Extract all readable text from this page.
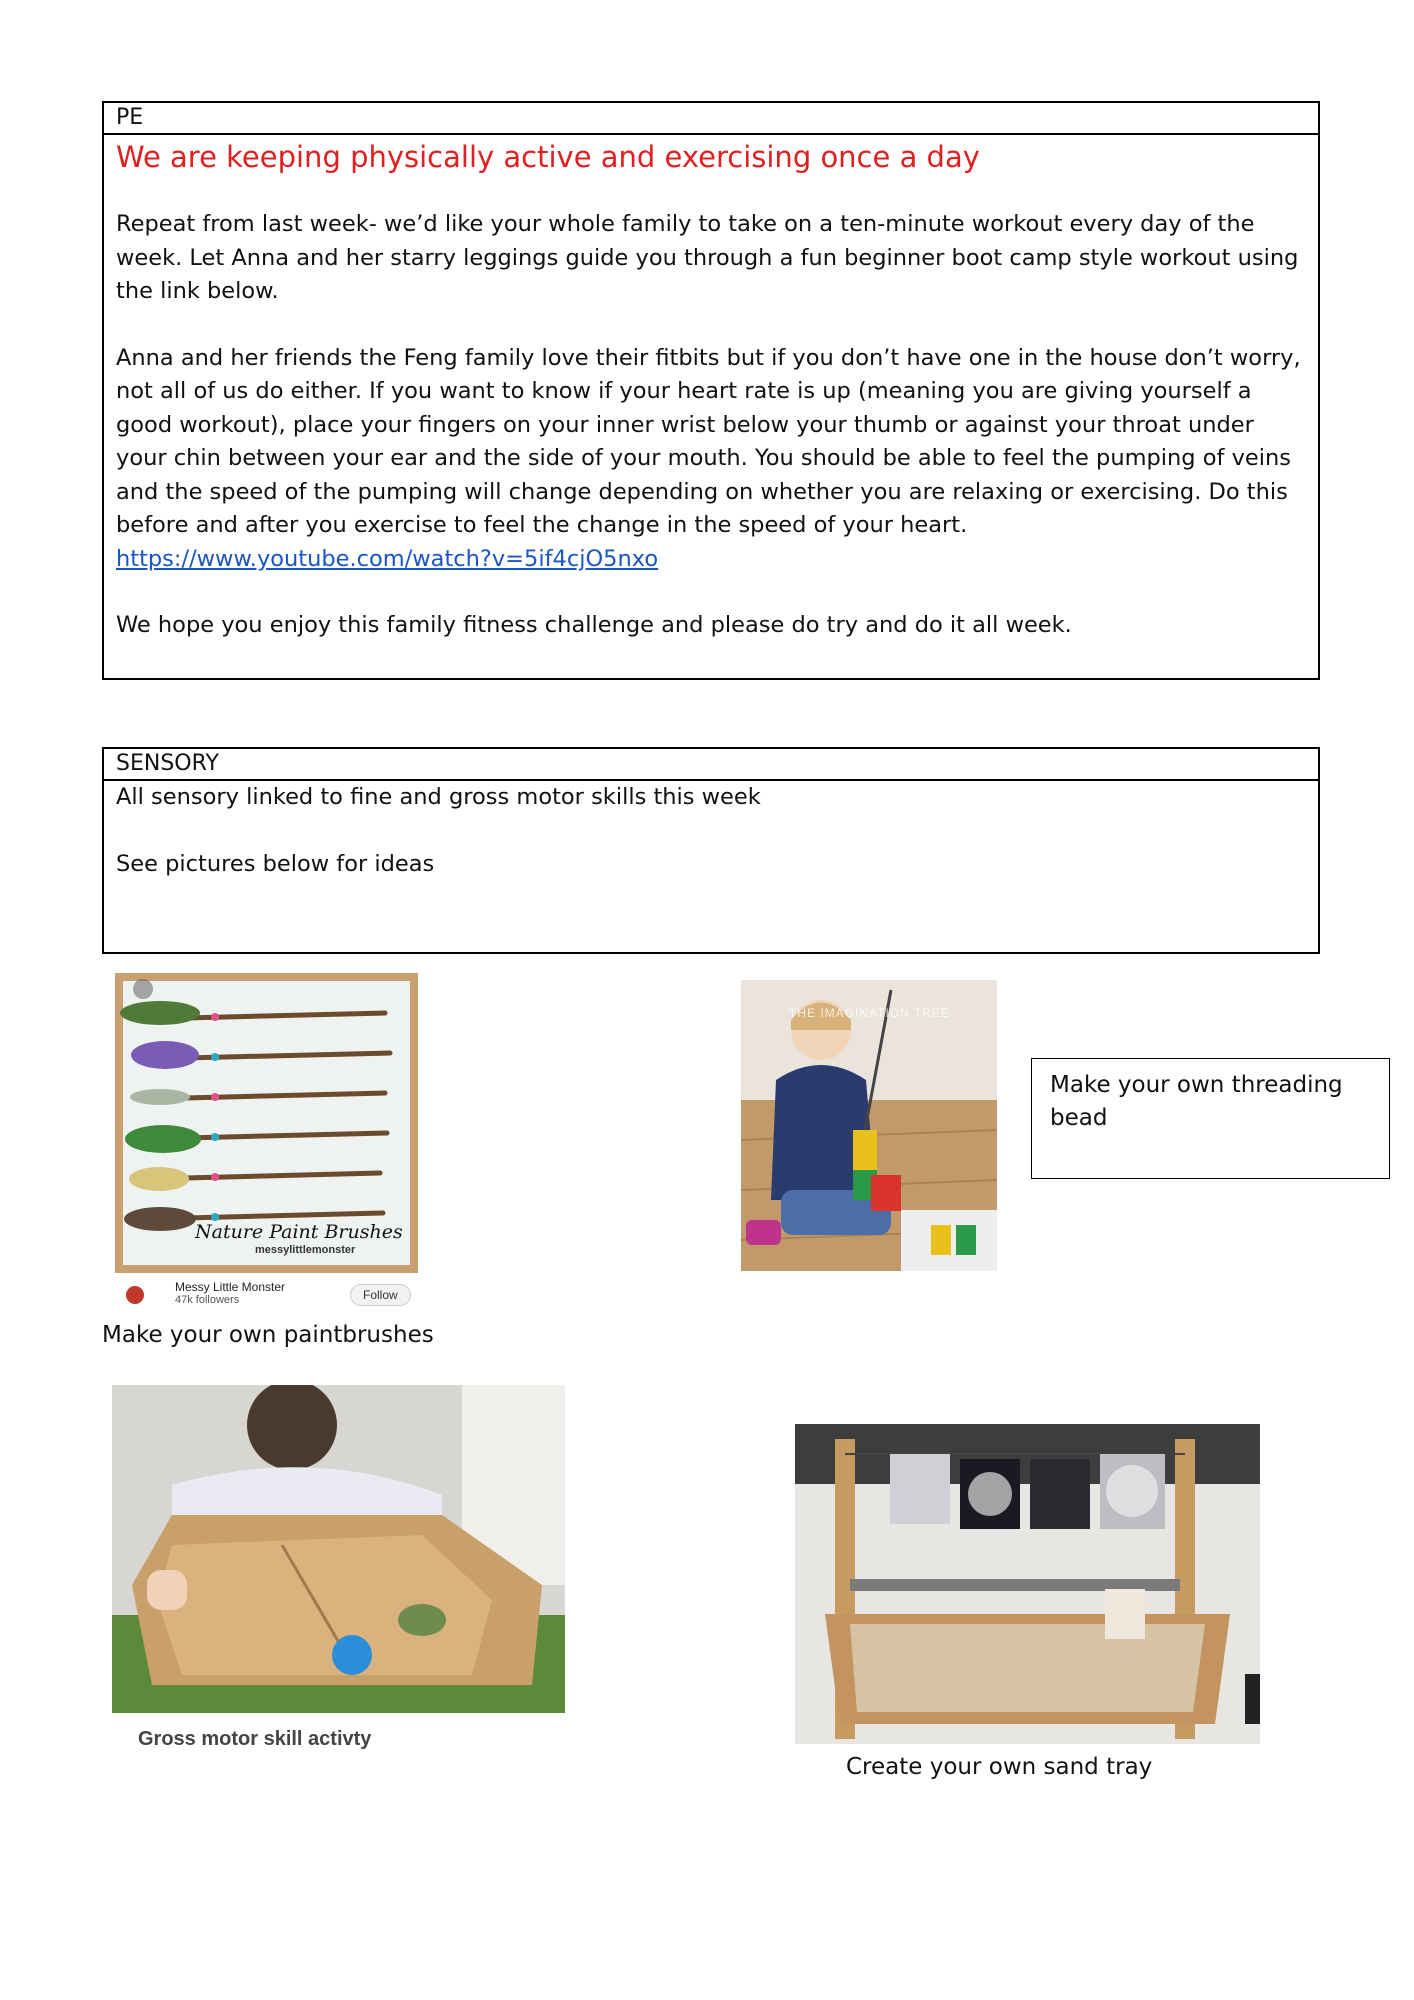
PE
We are keeping physically active and exercising once a day

Repeat from last week- we’d like your whole family to take on a ten-minute workout every day of the week. Let Anna and her starry leggings guide you through a fun beginner boot camp style workout using the link below.

Anna and her friends the Feng family love their fitbits but if you don’t have one in the house don’t worry, not all of us do either. If you want to know if your heart rate is up (meaning you are giving yourself a good workout), place your fingers on your inner wrist below your thumb or against your throat under your chin between your ear and the side of your mouth. You should be able to feel the pumping of veins and the speed of the pumping will change depending on whether you are relaxing or exercising. Do this before and after you exercise to feel the change in the speed of your heart.

https://www.youtube.com/watch?v=5if4cjO5nxo

We hope you enjoy this family fitness challenge and please do try and do it all week.

SENSORY

All sensory linked to fine and gross motor skills this week

See pictures below for ideas

Nature Paint Brushes
messylittlemonster
Messy Little Monster
47k followers	Follow
Make your own paintbrushes
THE IMAGINATION TREE
Make your own threading bead
Gross motor skill activty
Create your own sand tray
